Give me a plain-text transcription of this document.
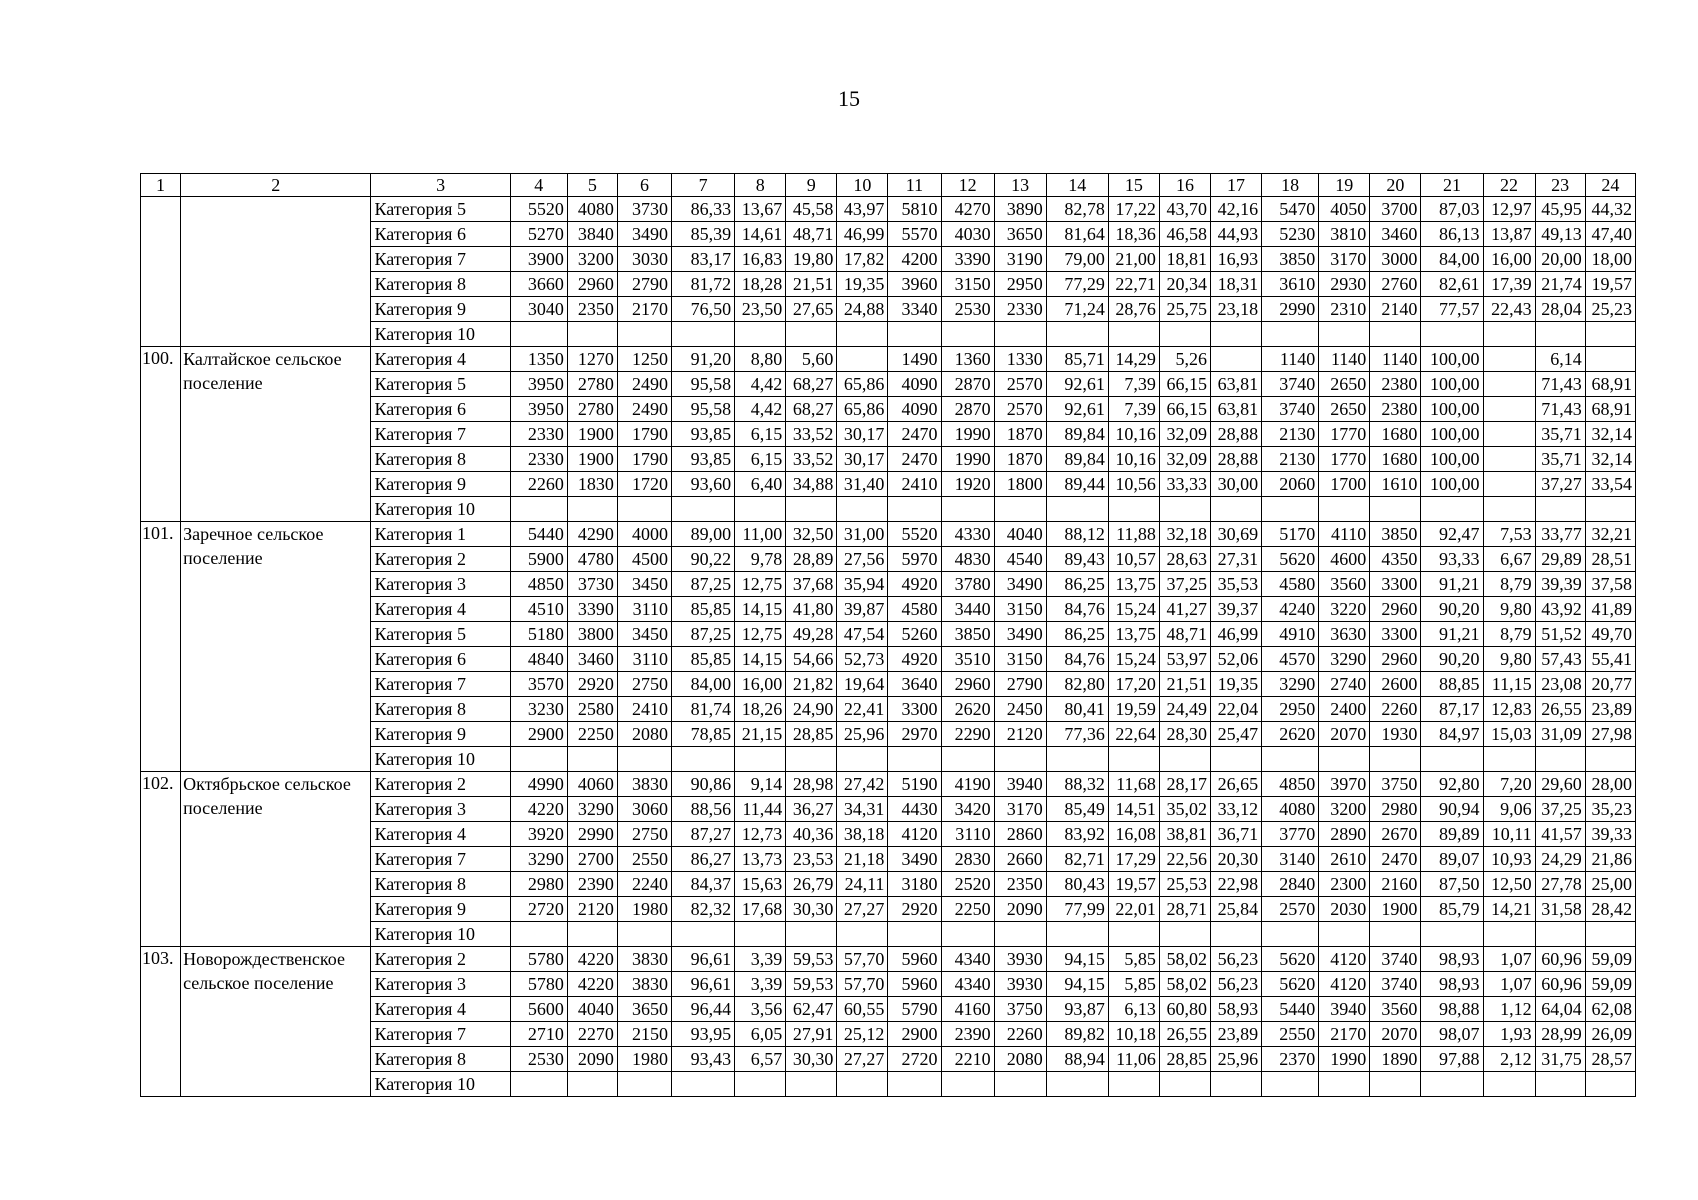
15
1	2	3	4	5	6	7	8	9	10	11	12	13	14	15	16	17	18	19	20	21	22	23	24
		Категория 5	5520	4080	3730	86,33	13,67	45,58	43,97	5810	4270	3890	82,78	17,22	43,70	42,16	5470	4050	3700	87,03	12,97	45,95	44,32
		Категория 6	5270	3840	3490	85,39	14,61	48,71	46,99	5570	4030	3650	81,64	18,36	46,58	44,93	5230	3810	3460	86,13	13,87	49,13	47,40
		Категория 7	3900	3200	3030	83,17	16,83	19,80	17,82	4200	3390	3190	79,00	21,00	18,81	16,93	3850	3170	3000	84,00	16,00	20,00	18,00
		Категория 8	3660	2960	2790	81,72	18,28	21,51	19,35	3960	3150	2950	77,29	22,71	20,34	18,31	3610	2930	2760	82,61	17,39	21,74	19,57
		Категория 9	3040	2350	2170	76,50	23,50	27,65	24,88	3340	2530	2330	71,24	28,76	25,75	23,18	2990	2310	2140	77,57	22,43	28,04	25,23
		Категория 10																					
100.	Калтайское сельское поселение	Категория 4	1350	1270	1250	91,20	8,80	5,60		1490	1360	1330	85,71	14,29	5,26		1140	1140	1140	100,00		6,14	
		Категория 5	3950	2780	2490	95,58	4,42	68,27	65,86	4090	2870	2570	92,61	7,39	66,15	63,81	3740	2650	2380	100,00		71,43	68,91
		Категория 6	3950	2780	2490	95,58	4,42	68,27	65,86	4090	2870	2570	92,61	7,39	66,15	63,81	3740	2650	2380	100,00		71,43	68,91
		Категория 7	2330	1900	1790	93,85	6,15	33,52	30,17	2470	1990	1870	89,84	10,16	32,09	28,88	2130	1770	1680	100,00		35,71	32,14
		Категория 8	2330	1900	1790	93,85	6,15	33,52	30,17	2470	1990	1870	89,84	10,16	32,09	28,88	2130	1770	1680	100,00		35,71	32,14
		Категория 9	2260	1830	1720	93,60	6,40	34,88	31,40	2410	1920	1800	89,44	10,56	33,33	30,00	2060	1700	1610	100,00		37,27	33,54
		Категория 10																					
101.	Заречное сельское поселение	Категория 1	5440	4290	4000	89,00	11,00	32,50	31,00	5520	4330	4040	88,12	11,88	32,18	30,69	5170	4110	3850	92,47	7,53	33,77	32,21
		Категория 2	5900	4780	4500	90,22	9,78	28,89	27,56	5970	4830	4540	89,43	10,57	28,63	27,31	5620	4600	4350	93,33	6,67	29,89	28,51
		Категория 3	4850	3730	3450	87,25	12,75	37,68	35,94	4920	3780	3490	86,25	13,75	37,25	35,53	4580	3560	3300	91,21	8,79	39,39	37,58
		Категория 4	4510	3390	3110	85,85	14,15	41,80	39,87	4580	3440	3150	84,76	15,24	41,27	39,37	4240	3220	2960	90,20	9,80	43,92	41,89
		Категория 5	5180	3800	3450	87,25	12,75	49,28	47,54	5260	3850	3490	86,25	13,75	48,71	46,99	4910	3630	3300	91,21	8,79	51,52	49,70
		Категория 6	4840	3460	3110	85,85	14,15	54,66	52,73	4920	3510	3150	84,76	15,24	53,97	52,06	4570	3290	2960	90,20	9,80	57,43	55,41
		Категория 7	3570	2920	2750	84,00	16,00	21,82	19,64	3640	2960	2790	82,80	17,20	21,51	19,35	3290	2740	2600	88,85	11,15	23,08	20,77
		Категория 8	3230	2580	2410	81,74	18,26	24,90	22,41	3300	2620	2450	80,41	19,59	24,49	22,04	2950	2400	2260	87,17	12,83	26,55	23,89
		Категория 9	2900	2250	2080	78,85	21,15	28,85	25,96	2970	2290	2120	77,36	22,64	28,30	25,47	2620	2070	1930	84,97	15,03	31,09	27,98
		Категория 10																					
102.	Октябрьское сельское поселение	Категория 2	4990	4060	3830	90,86	9,14	28,98	27,42	5190	4190	3940	88,32	11,68	28,17	26,65	4850	3970	3750	92,80	7,20	29,60	28,00
		Категория 3	4220	3290	3060	88,56	11,44	36,27	34,31	4430	3420	3170	85,49	14,51	35,02	33,12	4080	3200	2980	90,94	9,06	37,25	35,23
		Категория 4	3920	2990	2750	87,27	12,73	40,36	38,18	4120	3110	2860	83,92	16,08	38,81	36,71	3770	2890	2670	89,89	10,11	41,57	39,33
		Категория 7	3290	2700	2550	86,27	13,73	23,53	21,18	3490	2830	2660	82,71	17,29	22,56	20,30	3140	2610	2470	89,07	10,93	24,29	21,86
		Категория 8	2980	2390	2240	84,37	15,63	26,79	24,11	3180	2520	2350	80,43	19,57	25,53	22,98	2840	2300	2160	87,50	12,50	27,78	25,00
		Категория 9	2720	2120	1980	82,32	17,68	30,30	27,27	2920	2250	2090	77,99	22,01	28,71	25,84	2570	2030	1900	85,79	14,21	31,58	28,42
		Категория 10																					
103.	Новорождественское сельское поселение	Категория 2	5780	4220	3830	96,61	3,39	59,53	57,70	5960	4340	3930	94,15	5,85	58,02	56,23	5620	4120	3740	98,93	1,07	60,96	59,09
		Категория 3	5780	4220	3830	96,61	3,39	59,53	57,70	5960	4340	3930	94,15	5,85	58,02	56,23	5620	4120	3740	98,93	1,07	60,96	59,09
		Категория 4	5600	4040	3650	96,44	3,56	62,47	60,55	5790	4160	3750	93,87	6,13	60,80	58,93	5440	3940	3560	98,88	1,12	64,04	62,08
		Категория 7	2710	2270	2150	93,95	6,05	27,91	25,12	2900	2390	2260	89,82	10,18	26,55	23,89	2550	2170	2070	98,07	1,93	28,99	26,09
		Категория 8	2530	2090	1980	93,43	6,57	30,30	27,27	2720	2210	2080	88,94	11,06	28,85	25,96	2370	1990	1890	97,88	2,12	31,75	28,57
		Категория 10																					
